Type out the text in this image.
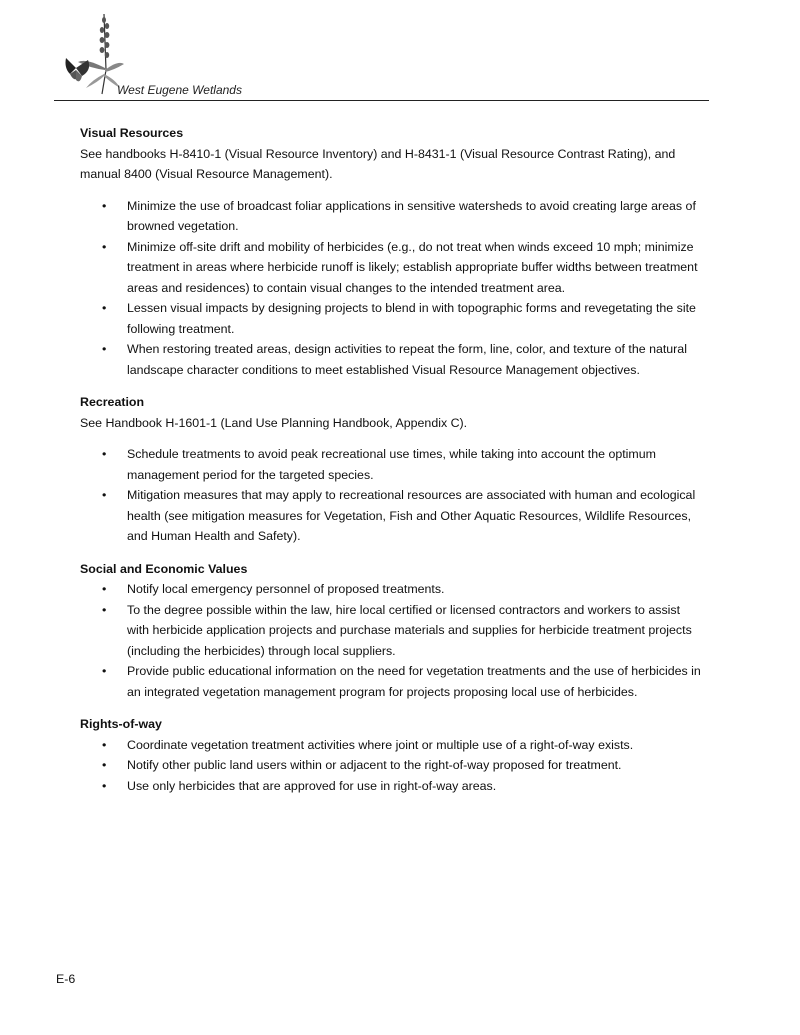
West Eugene Wetlands

Visual Resources

See handbooks H-8410-1 (Visual Resource Inventory) and H-8431-1 (Visual Resource Contrast Rating), and manual 8400 (Visual Resource Management).

• Minimize the use of broadcast foliar applications in sensitive watersheds to avoid creating large areas of browned vegetation.
• Minimize off-site drift and mobility of herbicides (e.g., do not treat when winds exceed 10 mph; minimize treatment in areas where herbicide runoff is likely; establish appropriate buffer widths between treatment areas and residences) to contain visual changes to the intended treatment area.
• Lessen visual impacts by designing projects to blend in with topographic forms and revegetating the site following treatment.
• When restoring treated areas, design activities to repeat the form, line, color, and texture of the natural landscape character conditions to meet established Visual Resource Management objectives.

Recreation

See Handbook H-1601-1 (Land Use Planning Handbook, Appendix C).

• Schedule treatments to avoid peak recreational use times, while taking into account the optimum management period for the targeted species.
• Mitigation measures that may apply to recreational resources are associated with human and ecological health (see mitigation measures for Vegetation, Fish and Other Aquatic Resources, Wildlife Resources, and Human Health and Safety).

Social and Economic Values

• Notify local emergency personnel of proposed treatments.
• To the degree possible within the law, hire local certified or licensed contractors and workers to assist with herbicide application projects and purchase materials and supplies for herbicide treatment projects (including the herbicides) through local suppliers.
• Provide public educational information on the need for vegetation treatments and the use of herbicides in an integrated vegetation management program for projects proposing local use of herbicides.

Rights-of-way

• Coordinate vegetation treatment activities where joint or multiple use of a right-of-way exists.
• Notify other public land users within or adjacent to the right-of-way proposed for treatment.
• Use only herbicides that are approved for use in right-of-way areas.
E-6
